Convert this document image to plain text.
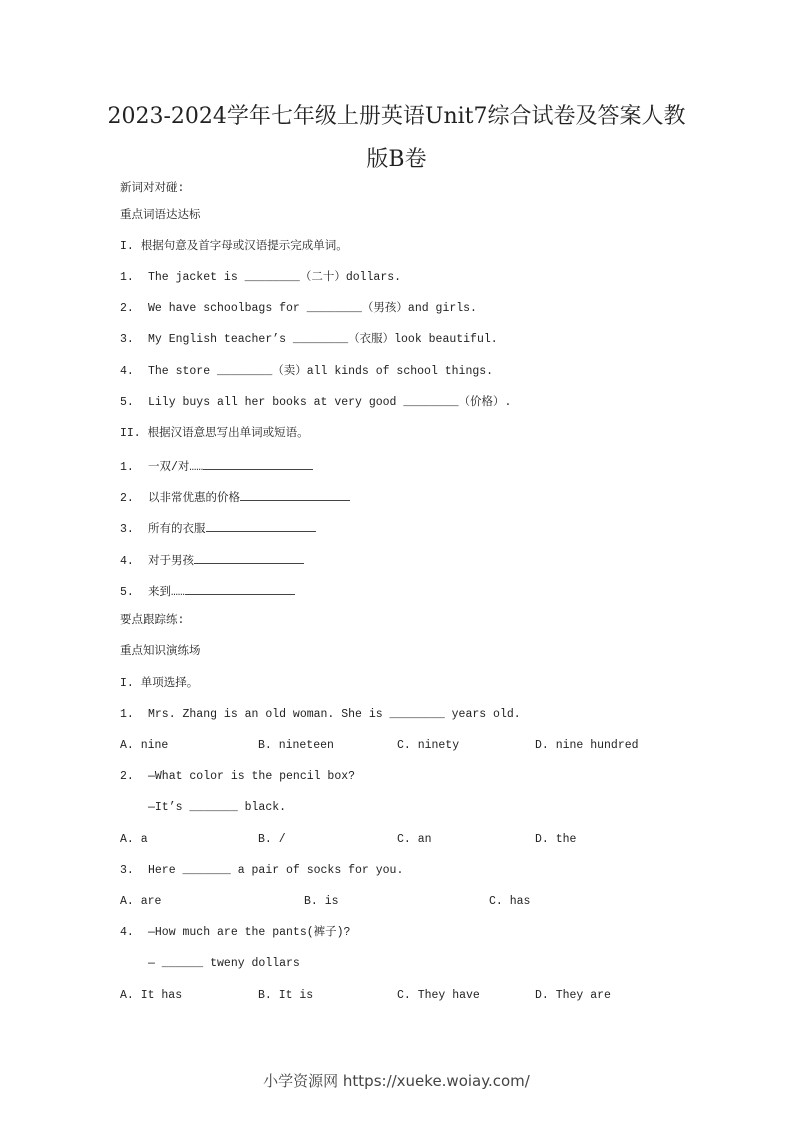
2023-2024学年七年级上册英语Unit7综合试卷及答案人教
版B卷
新词对对碰:
重点词语达达标
I. 根据句意及首字母或汉语提示完成单词。
1. The jacket is ________（二十）dollars.
2. We have schoolbags for ________（男孩）and girls.
3. My English teacher’s ________（衣服）look beautiful.
4. The store ________（卖）all kinds of school things.
5. Lily buys all her books at very good ________（价格）.
II. 根据汉语意思写出单词或短语。
1. 一双/对……
2. 以非常优惠的价格
3. 所有的衣服
4. 对于男孩
5. 来到……
要点跟踪练:
重点知识演练场
I. 单项选择。
1. Mrs. Zhang is an old woman. She is ________ years old.
A. nine	B. nineteen	C. ninety	D. nine hundred
2. —What color is the pencil box?
—It’s _______ black.
A. a	B. /	C. an	D. the
3. Here _______ a pair of socks for you.
A. are	B. is	C. has
4. —How much are the pants(裤子)?
— ______ tweny dollars
A. It has	B. It is	C. They have	D. They are
小学资源网 https://xueke.woiay.com/
